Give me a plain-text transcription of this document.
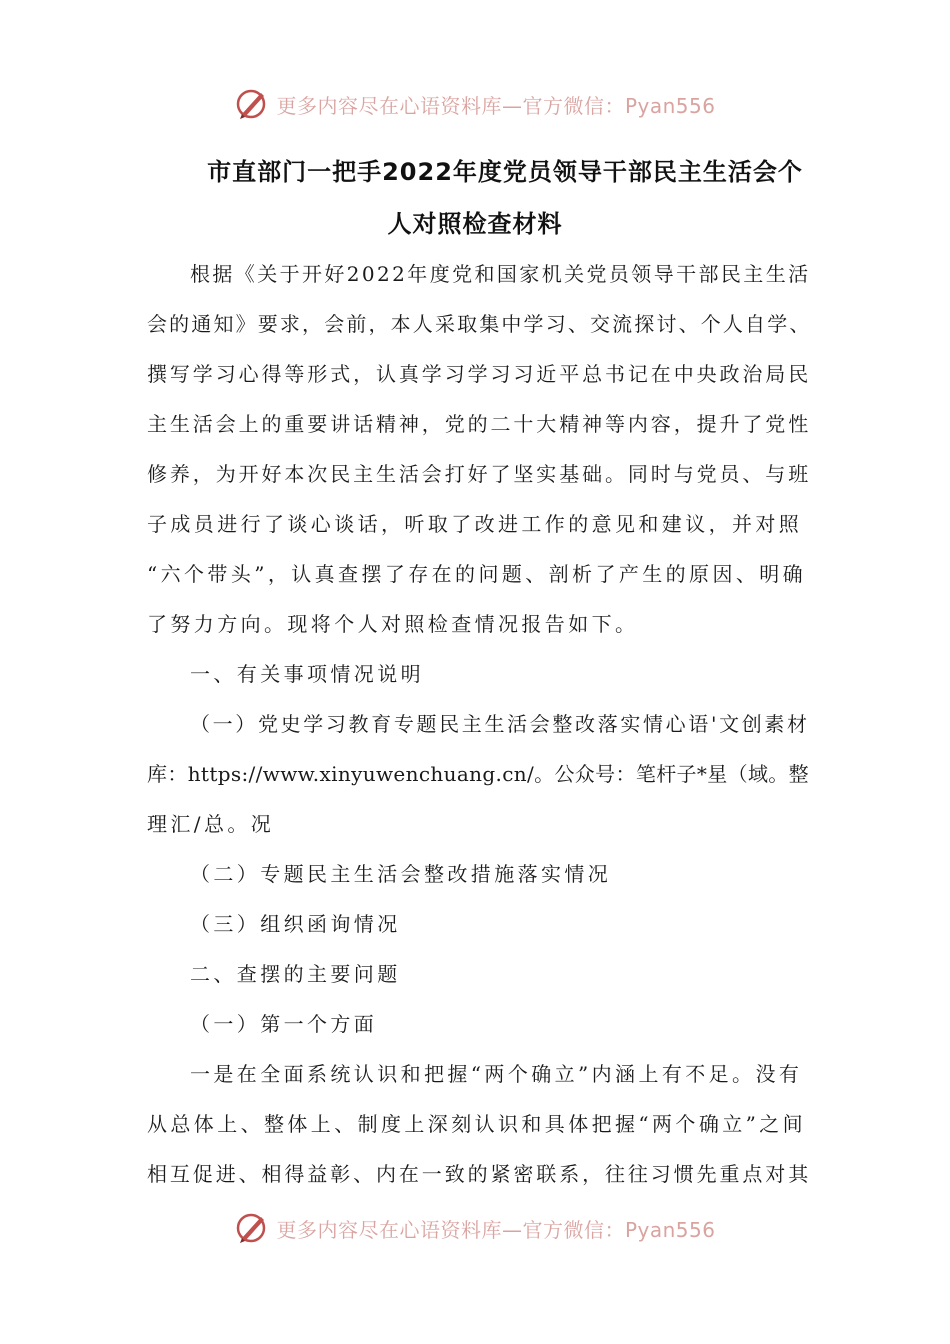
更多内容尽在心语资料库—官方微信：Pyan556
市直部门一把手2022年度党员领导干部民主生活会个
人对照检查材料
根据《关于开好2022年度党和国家机关党员领导干部民主生活
会的通知》要求，会前，本人采取集中学习、交流探讨、个人自学、
撰写学习心得等形式，认真学习学习习近平总书记在中央政治局民
主生活会上的重要讲话精神，党的二十大精神等内容，提升了党性
修养，为开好本次民主生活会打好了坚实基础。同时与党员、与班
子成员进行了谈心谈话，听取了改进工作的意见和建议，并对照
“六个带头”，认真查摆了存在的问题、剖析了产生的原因、明确
了努力方向。现将个人对照检查情况报告如下。
一、有关事项情况说明
（一）党史学习教育专题民主生活会整改落实情心语'文创素材
库：https://www.xinyuwenchuang.cn/。公众号：笔杆子*星（域。整
理汇/总。况
（二）专题民主生活会整改措施落实情况
（三）组织函询情况
二、查摆的主要问题
（一）第一个方面
一是在全面系统认识和把握“两个确立”内涵上有不足。没有
从总体上、整体上、制度上深刻认识和具体把握“两个确立”之间
相互促进、相得益彰、内在一致的紧密联系，往往习惯先重点对其
更多内容尽在心语资料库—官方微信：Pyan556
